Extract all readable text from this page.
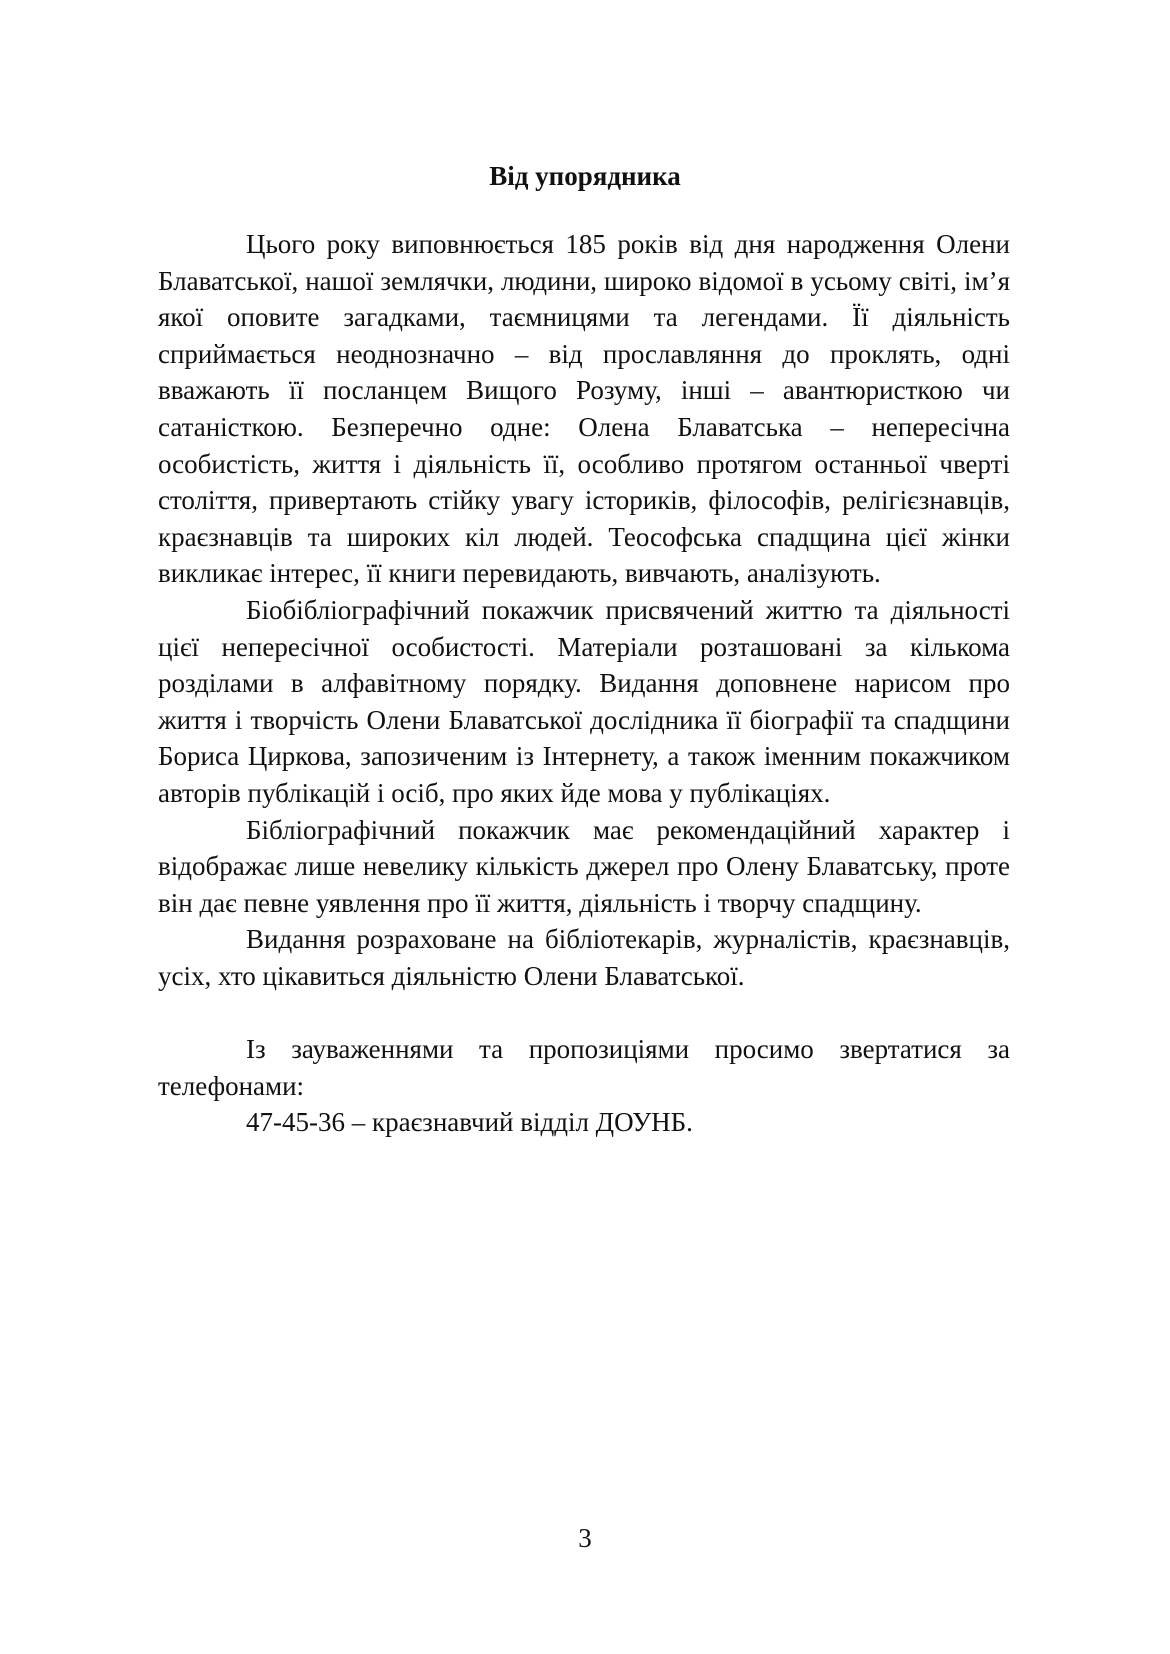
Від упорядника

Цього року виповнюється 185 років від дня народження Олени Блаватської, нашої землячки, людини, широко відомої в усьому світі, ім’я якої оповите загадками, таємницями та легендами. Її діяльність сприймається неоднозначно – від прославляння до проклять, одні вважають її посланцем Вищого Розуму, інші – авантюристкою чи сатаністкою. Безперечно одне: Олена Блаватська – непересічна особистість, життя і діяльність її, особливо протягом останньої чверті століття, привертають стійку увагу істориків, філософів, релігієзнавців, краєзнавців та широких кіл людей. Теософська спадщина цієї жінки викликає інтерес, її книги перевидають, вивчають, аналізують.

Біобібліографічний покажчик присвячений життю та діяльності цієї непересічної особистості. Матеріали розташовані за кількома розділами в алфавітному порядку. Видання доповнене нарисом про життя і творчість Олени Блаватської дослідника її біографії та спадщини Бориса Циркова, запозиченим із Інтернету, а також іменним покажчиком авторів публікацій і осіб, про яких йде мова у публікаціях.

Бібліографічний покажчик має рекомендаційний характер і відображає лише невелику кількість джерел про Олену Блаватську, проте він дає певне уявлення про її життя, діяльність і творчу спадщину.

Видання розраховане на бібліотекарів, журналістів, краєзнавців, усіх, хто цікавиться діяльністю Олени Блаватської.

Із зауваженнями та пропозиціями просимо звертатися за телефонами:

47-45-36 – краєзнавчий відділ ДОУНБ.

3
